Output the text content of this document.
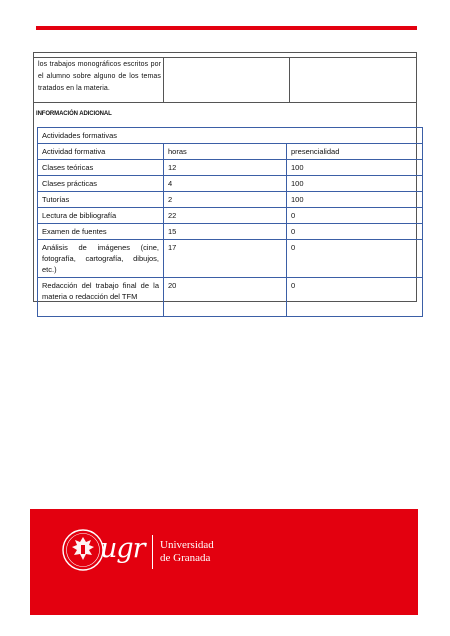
los trabajos monográficos escritos por el alumno sobre alguno de los temas tratados en la materia.

INFORMACIÓN ADICIONAL
Actividades formativas		
Actividad formativa	horas	presencialidad
Clases teóricas	12	100
Clases prácticas	4	100
Tutorías	2	100
Lectura de bibliografía	22	0
Examen de fuentes	15	0
Análisis de imágenes (cine, fotografía, cartografía, dibujos, etc.)	17	0
Redacción del trabajo final de la materia o redacción del TFM	20	0
ugr Universidad
de Granada
